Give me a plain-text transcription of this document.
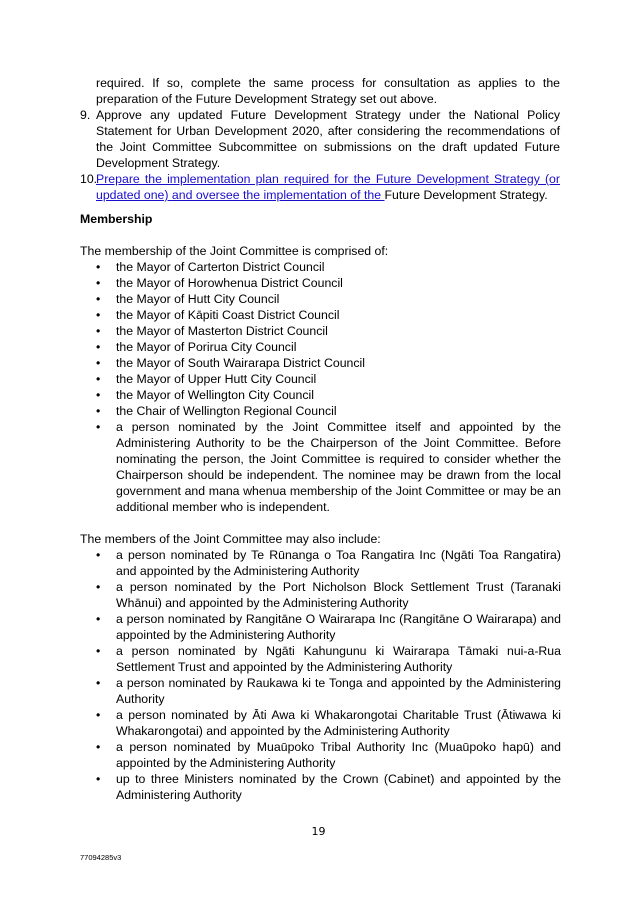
required. If so, complete the same process for consultation as applies to the preparation of the Future Development Strategy set out above.

9. Approve any updated Future Development Strategy under the National Policy Statement for Urban Development 2020, after considering the recommendations of the Joint Committee Subcommittee on submissions on the draft updated Future Development Strategy.

10.

Prepare the implementation plan required for the Future Development Strategy (or updated one) and oversee the implementation of the Future Development Strategy.

Membership
The membership of the Joint Committee is comprised of:
• the Mayor of Carterton District Council
• the Mayor of Horowhenua District Council
• the Mayor of Hutt City Council
• the Mayor of Kāpiti Coast District Council
• the Mayor of Masterton District Council
• the Mayor of Porirua City Council
• the Mayor of South Wairarapa District Council
• the Mayor of Upper Hutt City Council
• the Mayor of Wellington City Council
• the Chair of Wellington Regional Council
• a person nominated by the Joint Committee itself and appointed by the Administering Authority to be the Chairperson of the Joint Committee. Before nominating the person, the Joint Committee is required to consider whether the Chairperson should be independent. The nominee may be drawn from the local government and mana whenua membership of the Joint Committee or may be an additional member who is independent.
The members of the Joint Committee may also include:
• a person nominated by Te Rūnanga o Toa Rangatira Inc (Ngāti Toa Rangatira) and appointed by the Administering Authority
• a person nominated by the Port Nicholson Block Settlement Trust (Taranaki Whānui) and appointed by the Administering Authority
• a person nominated by Rangitāne O Wairarapa Inc (Rangitāne O Wairarapa) and appointed by the Administering Authority
• a person nominated by Ngāti Kahungunu ki Wairarapa Tāmaki nui-a-Rua Settlement Trust and appointed by the Administering Authority
• a person nominated by Raukawa ki te Tonga and appointed by the Administering Authority
• a person nominated by Āti Awa ki Whakarongotai Charitable Trust (Ātiwawa ki Whakarongotai) and appointed by the Administering Authority
• a person nominated by Muaūpoko Tribal Authority Inc (Muaūpoko hapū) and appointed by the Administering Authority
• up to three Ministers nominated by the Crown (Cabinet) and appointed by the Administering Authority
19
77094285v3
